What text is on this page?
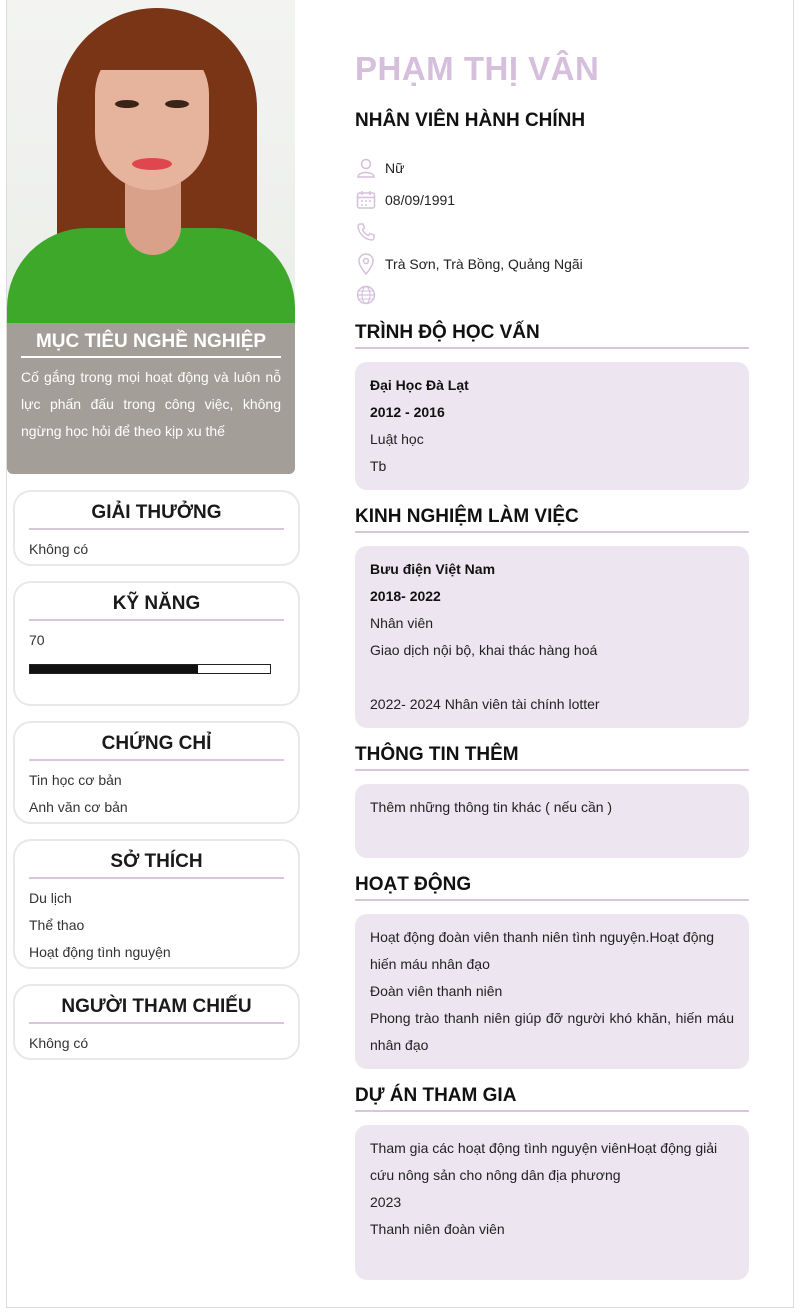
MỤC TIÊU NGHỀ NGHIỆP

Cố gắng trong mọi hoạt động và luôn nỗ lực phấn đấu trong công việc, không ngừng học hỏi để theo kịp xu thế

GIẢI THƯỞNG
Không có
KỸ NĂNG
70
CHỨNG CHỈ
Tin học cơ bản
Anh văn cơ bản
SỞ THÍCH
Du lịch
Thể thao
Hoạt động tình nguyện
NGƯỜI THAM CHIẾU
Không có
PHẠM THỊ VÂN
NHÂN VIÊN HÀNH CHÍNH
Nữ
08/09/1991
Trà Sơn, Trà Bồng, Quảng Ngãi
TRÌNH ĐỘ HỌC VẤN
Đại Học Đà Lạt
2012 - 2016
Luật học
Tb
KINH NGHIỆM LÀM VIỆC
Bưu điện Việt Nam
2018- 2022
Nhân viên
Giao dịch nội bộ, khai thác hàng hoá
2022- 2024 Nhân viên tài chính lotter
THÔNG TIN THÊM
Thêm những thông tin khác ( nếu cần )
HOẠT ĐỘNG
Hoạt động đoàn viên thanh niên tình nguyện.Hoạt động hiến máu nhân đạo
Đoàn viên thanh niên
Phong trào thanh niên giúp đỡ người khó khăn, hiến máu nhân đạo
DỰ ÁN THAM GIA
Tham gia các hoạt động tình nguyện viênHoạt động giải cứu nông sản cho nông dân địa phương
2023
Thanh niên đoàn viên
